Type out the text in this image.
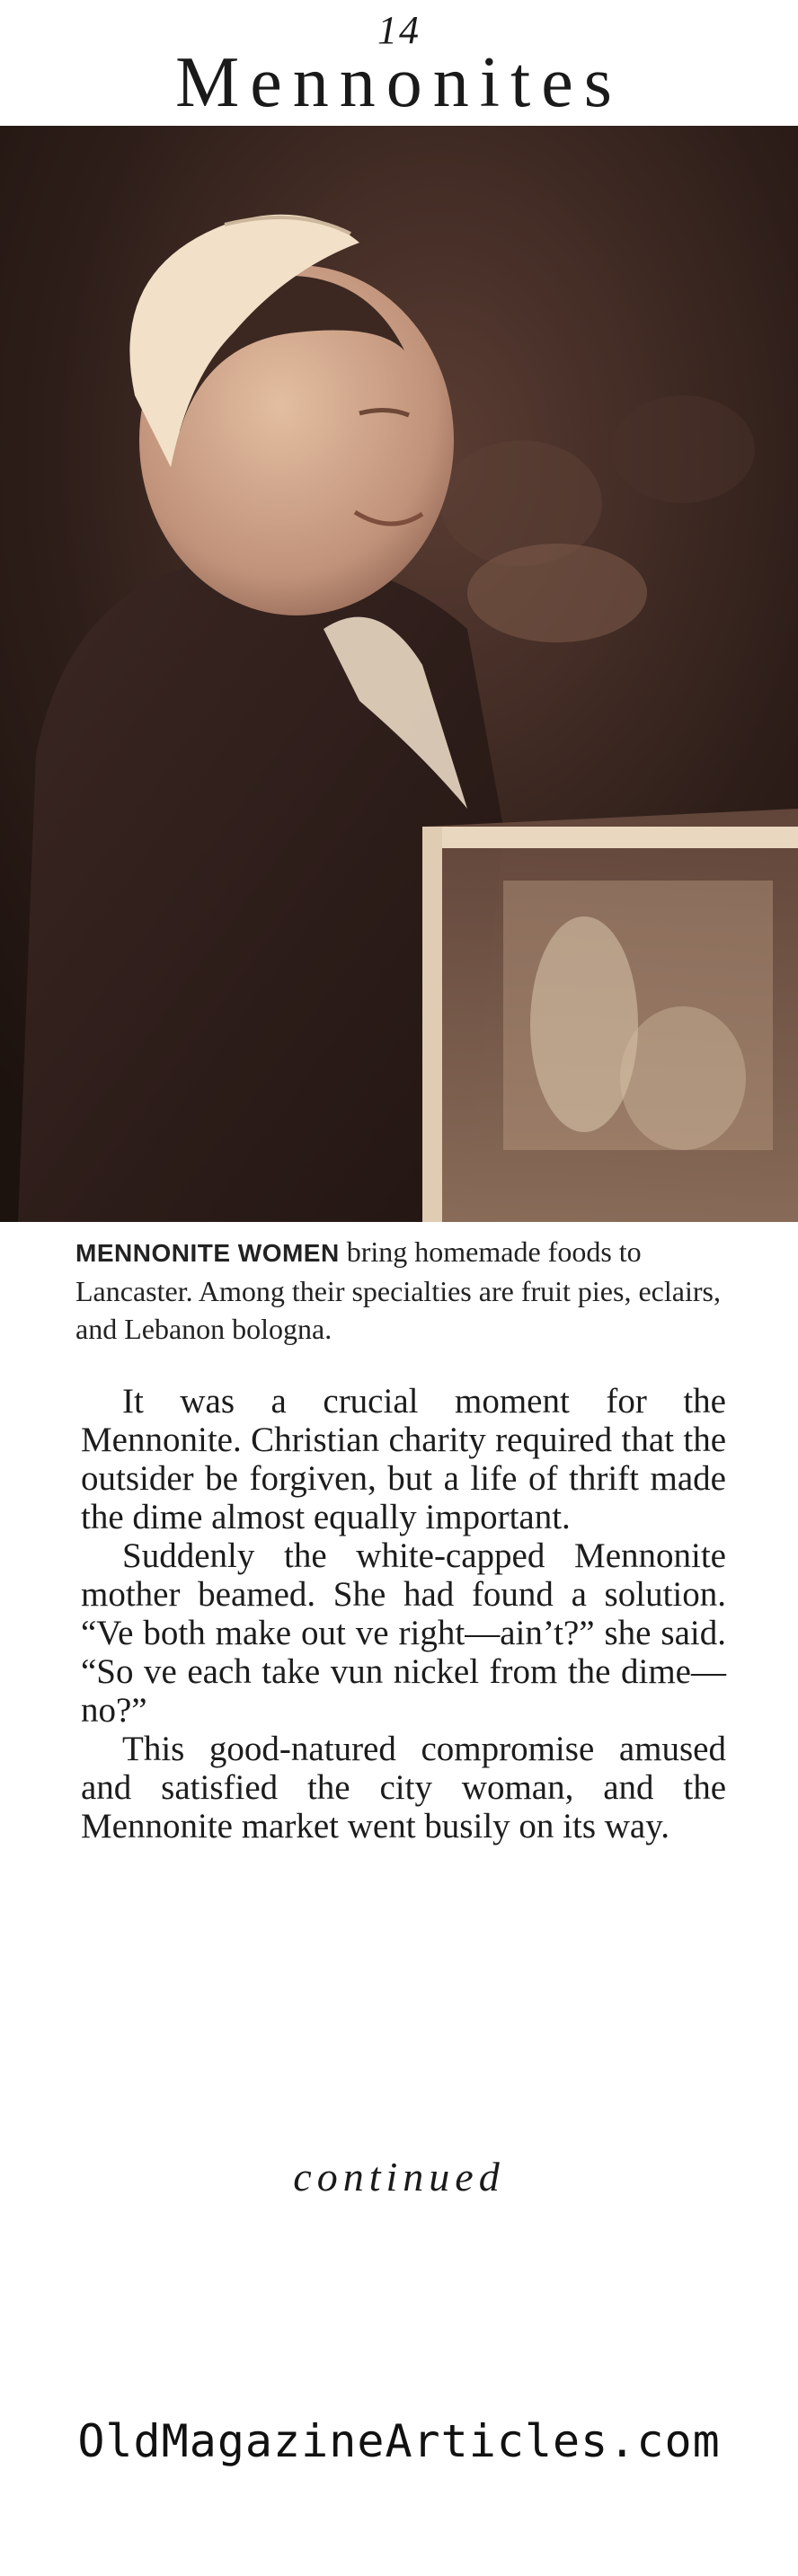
14
Mennonites
MENNONITE WOMEN bring homemade foods to Lancaster. Among their specialties are fruit pies, eclairs, and Lebanon bologna.

It was a crucial moment for the Mennonite. Christian charity required that the outsider be forgiven, but a life of thrift made the dime almost equally important.

Suddenly the white-capped Mennonite mother beamed. She had found a solution. “Ve both make out ve right—ain’t?” she said. “So ve each take vun nickel from the dime—no?”

This good-natured compromise amused and satisfied the city woman, and the Mennonite market went busily on its way.

continued
OldMagazineArticles.com
